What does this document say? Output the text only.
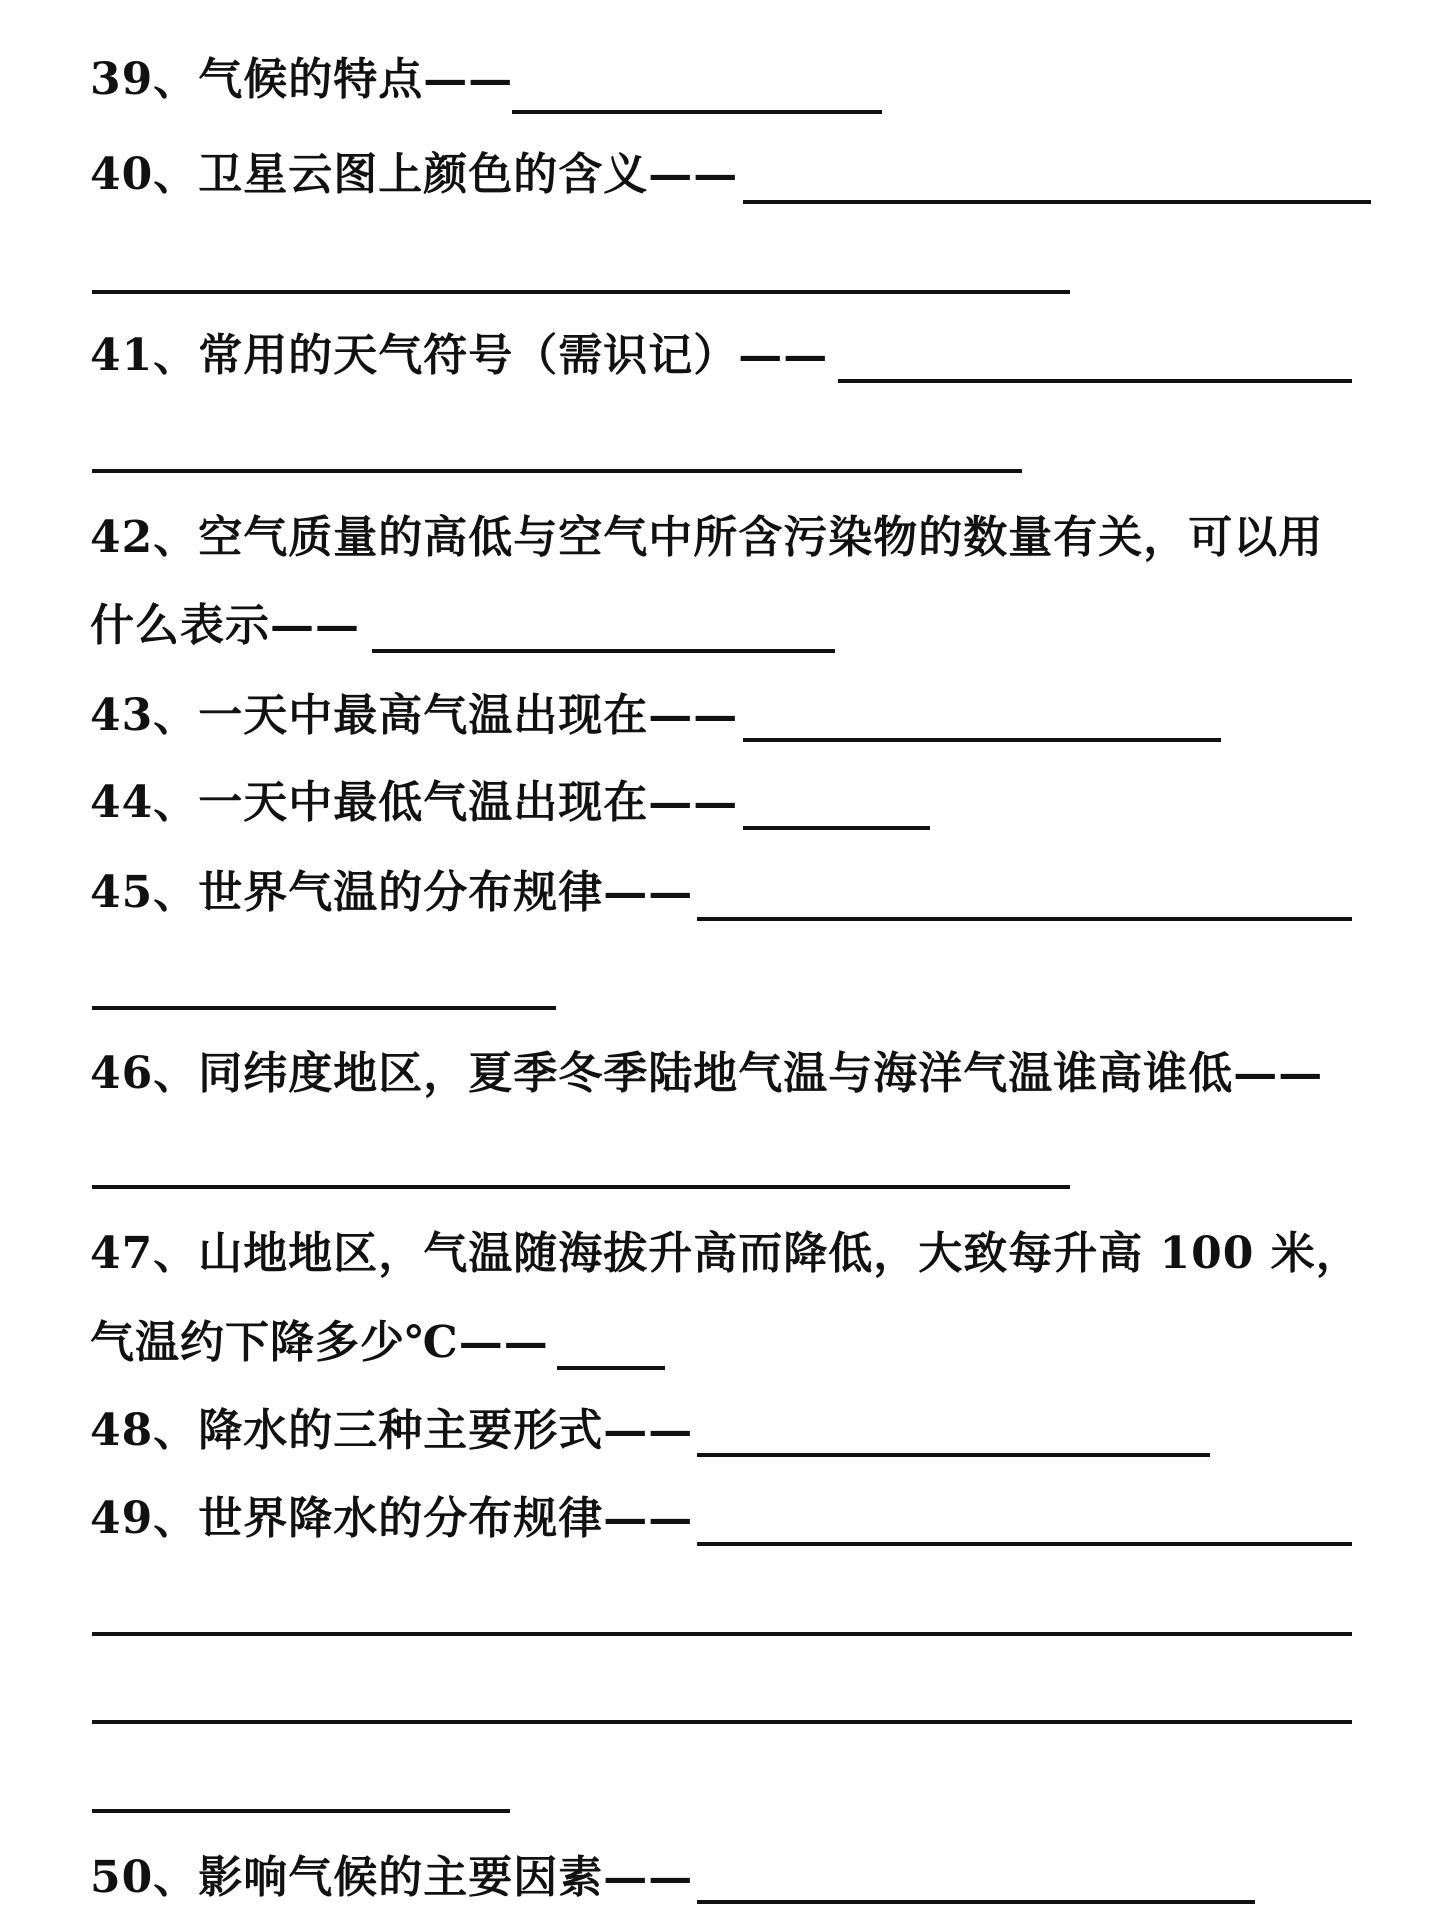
39、气候的特点——
40、卫星云图上颜色的含义——
41、常用的天气符号（需识记）——
42、空气质量的高低与空气中所含污染物的数量有关，可以用
什么表示——
43、一天中最高气温出现在——
44、一天中最低气温出现在——
45、世界气温的分布规律——
46、同纬度地区，夏季冬季陆地气温与海洋气温谁高谁低——
47、山地地区，气温随海拔升高而降低，大致每升高 100 米，
气温约下降多少℃——
48、降水的三种主要形式——
49、世界降水的分布规律——
50、影响气候的主要因素——
